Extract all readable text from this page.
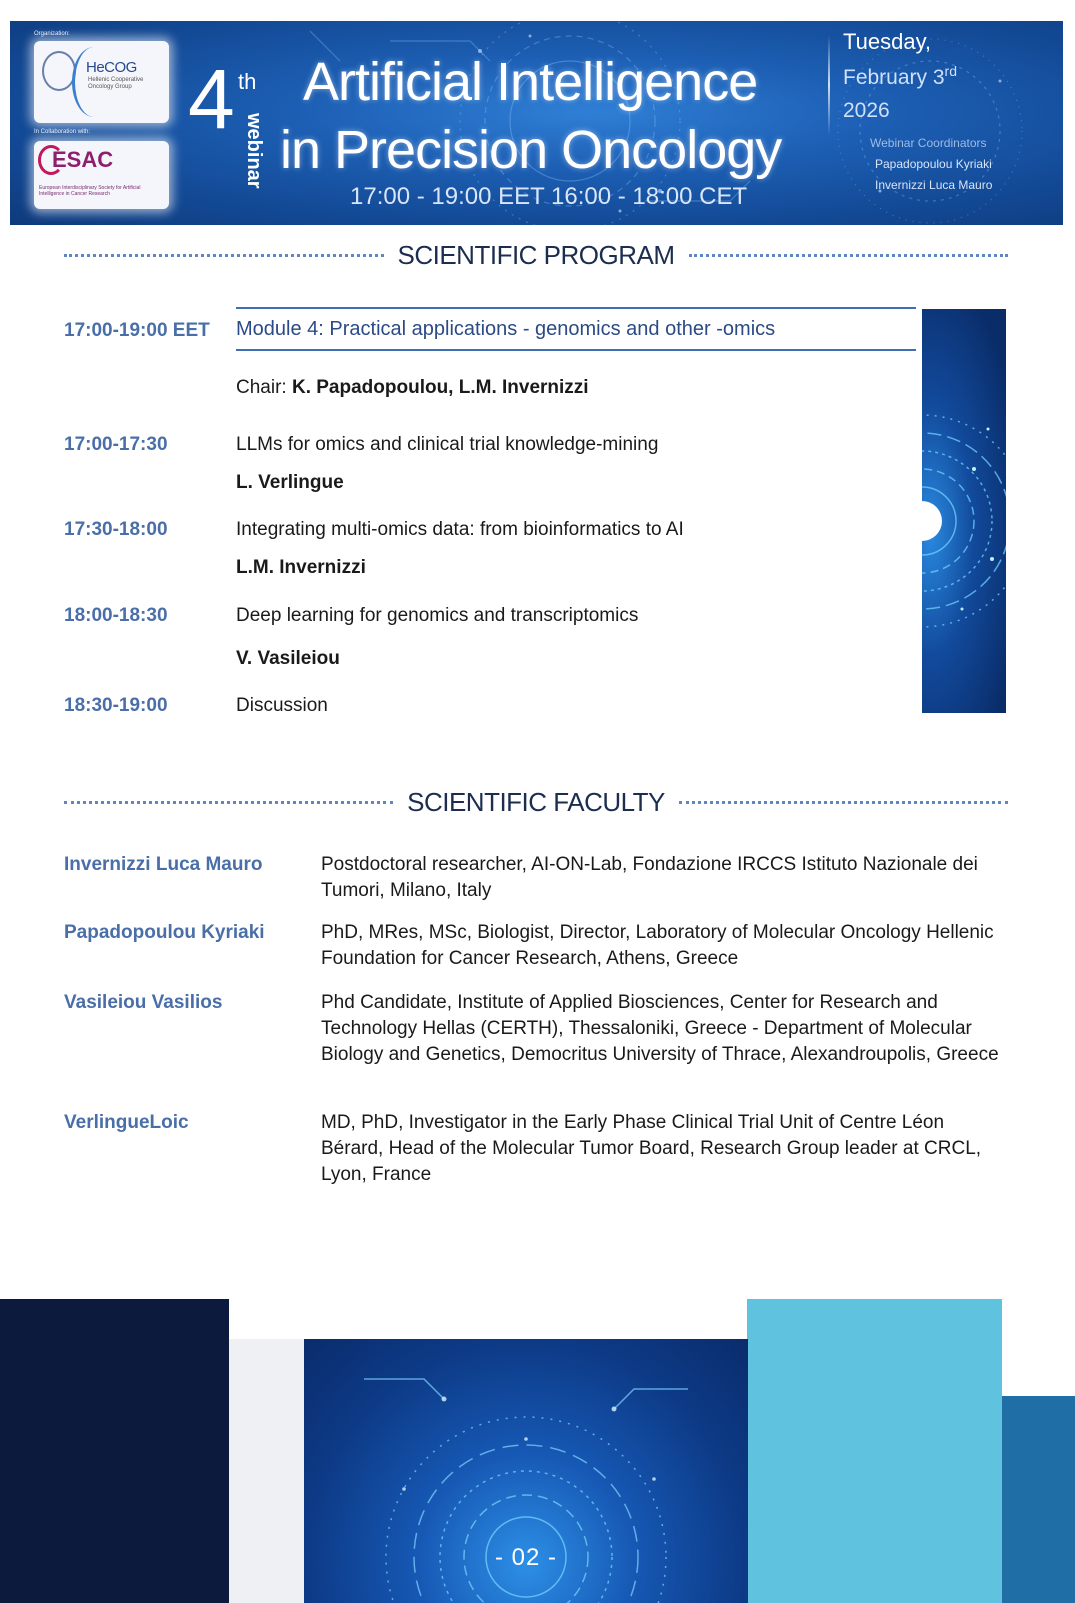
Organization:
HeCOG
Hellenic Cooperative Oncology Group
In Collaboration with:
ESAC
European Interdisciplinary Society for Artificial Intelligence in Cancer Research
4 th
webinar
Artificial Intelligence
in Precision Oncology
17:00 - 19:00 EET 16:00 - 18:00 CET
Tuesday,
February 3rd
2026
Webinar Coordinators
Papadopoulou Kyriaki
Invernizzi Luca Mauro
SCIENTIFIC PROGRAM
17:00-19:00 EET Module 4: Practical applications - genomics and other -omics
Chair: K. Papadopoulou, L.M. Invernizzi
17:00-17:30	LLMs for omics and clinical trial knowledge-mining
L. Verlingue
17:30-18:00	Integrating multi-omics data: from bioinformatics to AI
L.M. Invernizzi
18:00-18:30	Deep learning for genomics and transcriptomics
V. Vasileiou
18:30-19:00	Discussion
SCIENTIFIC FACULTY
Invernizzi Luca Mauro	Postdoctoral researcher, AI-ON-Lab, Fondazione IRCCS Istituto Nazionale dei Tumori, Milano, Italy

Papadopoulou Kyriaki	PhD, MRes, MSc, Biologist, Director, Laboratory of Molecular Oncology Hellenic Foundation for Cancer Research, Athens, Greece

Vasileiou Vasilios	Phd Candidate, Institute of Applied Biosciences, Center for Research and Technology Hellas (CERTH), Thessaloniki, Greece - Department of Molecular Biology and Genetics, Democritus University of Thrace, Alexandroupolis, Greece

VerlingueLoic	MD, PhD, Investigator in the Early Phase Clinical Trial Unit of Centre Léon Bérard, Head of the Molecular Tumor Board, Research Group leader at CRCL, Lyon, France

- 02 -
